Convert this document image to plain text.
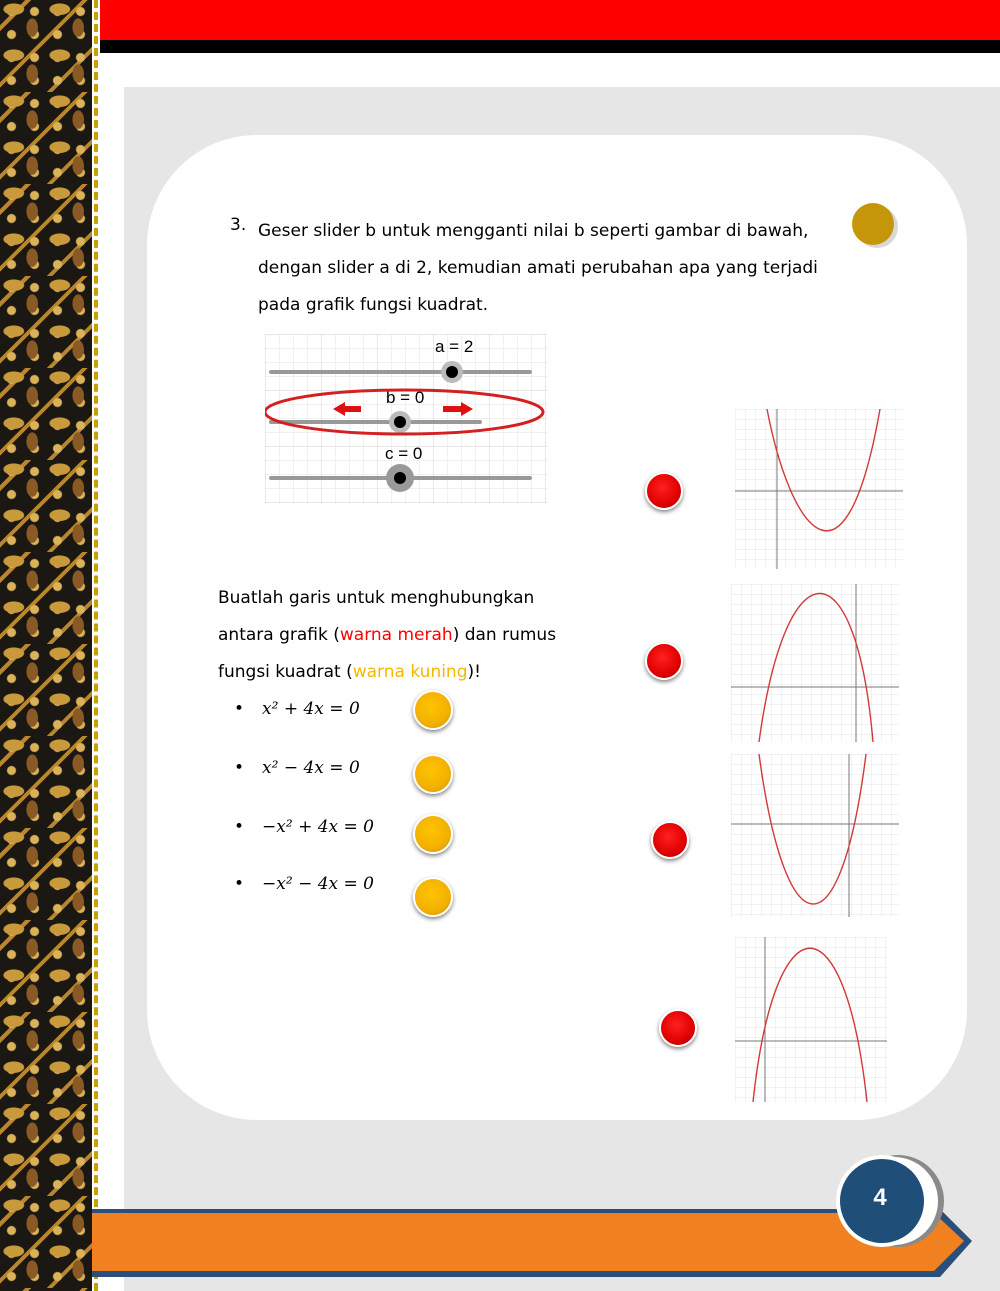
3. Geser slider b untuk mengganti nilai b seperti gambar di bawah,
dengan slider a di 2, kemudian amati perubahan apa yang terjadi
pada grafik fungsi kuadrat.
a = 2
b = 0
c = 0
Buatlah garis untuk menghubungkan
antara grafik (warna merah) dan rumus
fungsi kuadrat (warna kuning)!
• x² + 4x = 0
• x² − 4x = 0
• −x² + 4x = 0
• −x² − 4x = 0
4
